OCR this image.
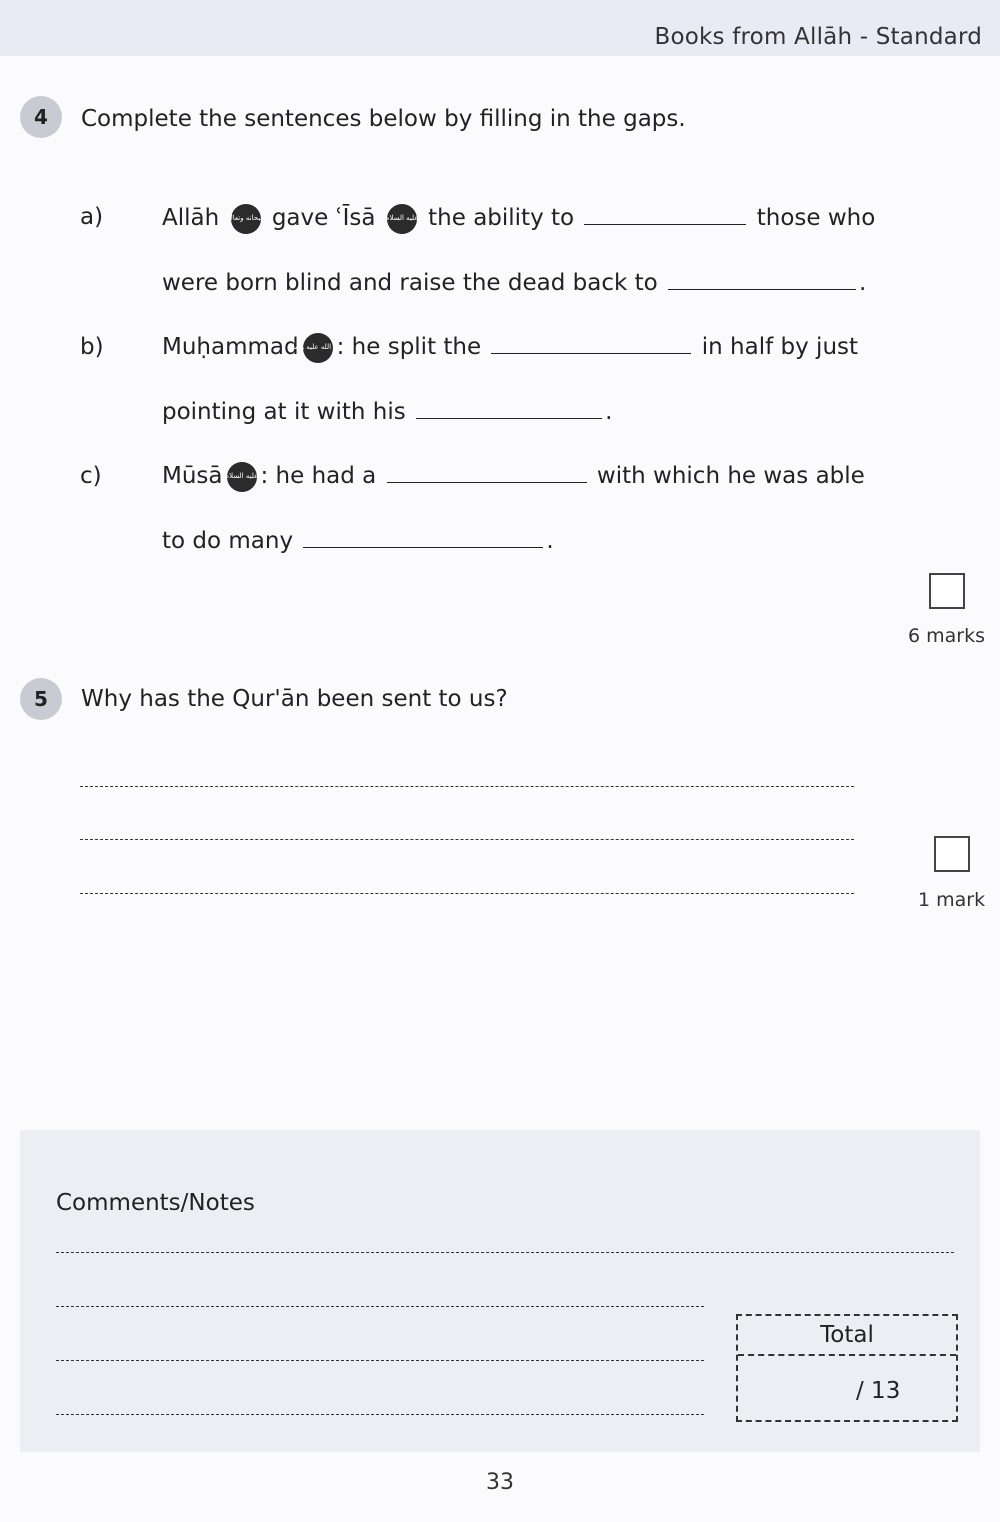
Books from Allāh - Standard
4	Complete the sentences below by filling in the gaps.
a)	Allāh سبحانه وتعالى gave ʿĪsā عليه السلام the ability to	those who
were born blind and raise the dead back to	.
b)	Muḥammadصلى الله عليه وسلم: he split the	in half by just
pointing at it with his	.
c)	Mūsā عليه السلام: he had a	with which he was able
to do many	.
6 marks
5	Why has the Qur'ān been sent to us?
1 mark
Comments/Notes
Total
/ 13
33
